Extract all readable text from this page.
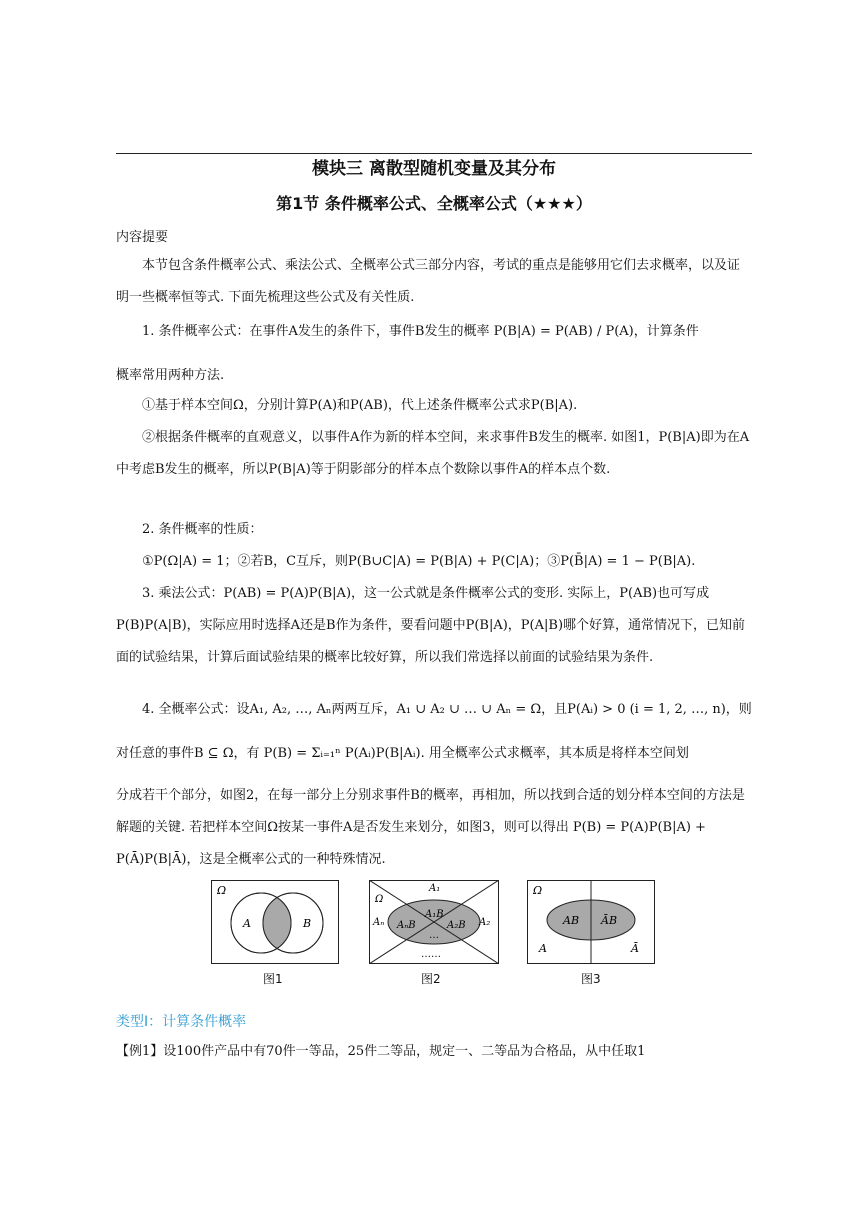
模块三 离散型随机变量及其分布
第1节 条件概率公式、全概率公式（★★★）
内容提要
本节包含条件概率公式、乘法公式、全概率公式三部分内容，考试的重点是能够用它们去求概率，以及证明一些概率恒等式. 下面先梳理这些公式及有关性质.
1. 条件概率公式：在事件A发生的条件下，事件B发生的概率 P(B|A) = P(AB) / P(A)，计算条件
概率常用两种方法.
①基于样本空间Ω，分别计算P(A)和P(AB)，代上述条件概率公式求P(B|A).
②根据条件概率的直观意义，以事件A作为新的样本空间，来求事件B发生的概率. 如图1，P(B|A)即为在A中考虑B发生的概率，所以P(B|A)等于阴影部分的样本点个数除以事件A的样本点个数.
2. 条件概率的性质：
①P(Ω|A) = 1；②若B，C互斥，则P(B∪C|A) = P(B|A) + P(C|A)；③P(B̄|A) = 1 − P(B|A).
3. 乘法公式：P(AB) = P(A)P(B|A)，这一公式就是条件概率公式的变形. 实际上，P(AB)也可写成P(B)P(A|B)，实际应用时选择A还是B作为条件，要看问题中P(B|A)，P(A|B)哪个好算，通常情况下，已知前面的试验结果，计算后面试验结果的概率比较好算，所以我们常选择以前面的试验结果为条件.
4. 全概率公式：设A₁, A₂, …, Aₙ两两互斥，A₁ ∪ A₂ ∪ … ∪ Aₙ = Ω，且P(Aᵢ) > 0 (i = 1, 2, …, n)，则
对任意的事件B ⊆ Ω，有 P(B) = Σᵢ₌₁ⁿ P(Aᵢ)P(B|Aᵢ). 用全概率公式求概率，其本质是将样本空间划
分成若干个部分，如图2，在每一部分上分别求事件B的概率，再相加，所以找到合适的划分样本空间的方法是解题的关键. 若把样本空间Ω按某一事件A是否发生来划分，如图3，则可以得出 P(B) = P(A)P(B|A) + P(Ā)P(B|Ā)，这是全概率公式的一种特殊情况.
Ω
A	B
图1
Ω
A₁
A₂
Aₙ
A₁B
A₂B
AₙB
…
……
图2
Ω
AB ĀB
A	Ā
图3
类型Ⅰ：计算条件概率
【例1】设100件产品中有70件一等品，25件二等品，规定一、二等品为合格品，从中任取1
